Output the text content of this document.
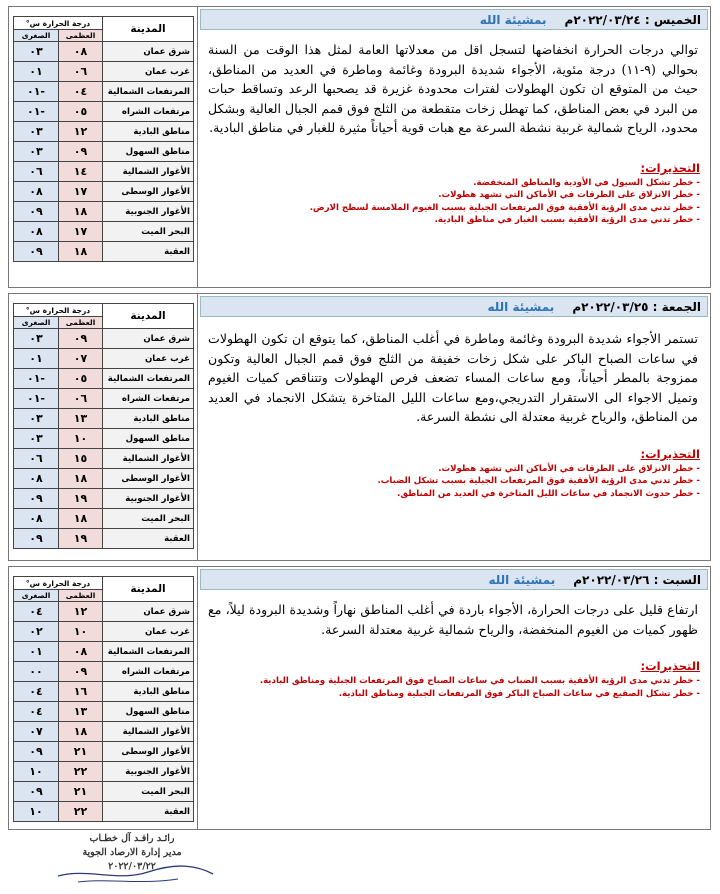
الخميس : ٢٠٢٢/٠٣/٢٤م
بمشيئة الله
توالي درجات الحرارة انخفاضها لتسجل اقل من معدلاتها العامة لمثل هذا الوقت من السنة بحوالي (٩-١١) درجة مئوية، الأجواء شديدة البرودة وغائمة وماطرة في العديد من المناطق، حيث من المتوقع ان تكون الهطولات لفترات محدودة غزيرة قد يصحبها الرعد وتساقط حبات من البرد في بعض المناطق، كما تهطل زخات متقطعة من الثلج فوق قمم الجبال العالية وبشكل محدود، الرياح شمالية غربية نشطة السرعة مع هبات قوية أحياناً مثيرة للغبار في مناطق البادية.
التحذيرات:
- خطر تشكل السيول في الأودية والمناطق المنخفضة.
- خطر الانزلاق على الطرقات في الأماكن التي تشهد هطولات.
- خطر تدني مدى الرؤية الأفقية فوق المرتفعات الجبلية بسبب الغيوم الملامسة لسطح الارض.
- خطر تدني مدى الرؤية الأفقية بسبب الغبار في مناطق البادية.
المدينة	درجة الحرارة س°	
	العظمى	الصغرى
شرق عمان	٠٨	٠٣
غرب عمان	٠٦	٠١
المرتفعات الشمالية	٠٤	-٠١
مرتفعات الشراه	٠٥	-٠١
مناطق البادية	١٢	٠٣
مناطق السهول	٠٩	٠٣
الأغوار الشمالية	١٤	٠٦
الأغوار الوسطى	١٧	٠٨
الأغوار الجنوبية	١٨	٠٩
البحر الميت	١٧	٠٨
العقبة	١٨	٠٩
الجمعة : ٢٠٢٢/٠٣/٢٥م
بمشيئة الله
تستمر الأجواء شديدة البرودة وغائمة وماطرة في أغلب المناطق، كما يتوقع ان تكون الهطولات في ساعات الصباح الباكر على شكل زخات خفيفة من الثلج فوق قمم الجبال العالية وتكون ممزوجة بالمطر أحياناً، ومع ساعات المساء تضعف فرص الهطولات وتتناقص كميات الغيوم وتميل الاجواء الى الاستقرار التدريجي،ومع ساعات الليل المتاخرة يتشكل الانجماد في العديد من المناطق، والرياح غربية معتدلة الى نشطة السرعة.
التحذيرات:
- خطر الانزلاق على الطرقات في الأماكن التي تشهد هطولات.
- خطر تدني مدى الرؤية الأفقية فوق المرتفعات الجبلية بسبب تشكل الضباب.
- خطر حدوث الانجماد في ساعات الليل المتاخرة في العديد من المناطق.
المدينة	درجة الحرارة س°	
	العظمى	الصغرى
شرق عمان	٠٩	٠٣
غرب عمان	٠٧	٠١
المرتفعات الشمالية	٠٥	-٠١
مرتفعات الشراه	٠٦	-٠١
مناطق البادية	١٣	٠٣
مناطق السهول	١٠	٠٣
الأغوار الشمالية	١٥	٠٦
الأغوار الوسطى	١٨	٠٨
الأغوار الجنوبية	١٩	٠٩
البحر الميت	١٨	٠٨
العقبة	١٩	٠٩
السبت : ٢٠٢٢/٠٣/٢٦م
بمشيئة الله
ارتفاع قليل على درجات الحرارة، الأجواء باردة في أغلب المناطق نهاراً وشديدة البرودة ليلاً، مع ظهور كميات من الغيوم المنخفضة، والرياح شمالية غربية معتدلة السرعة.
التحذيرات:
- خطر تدني مدى الرؤية الأفقية بسبب الضباب في ساعات الصباح فوق المرتفعات الجبلية ومناطق البادية.
- خطر تشكل الصقيع في ساعات الصباح الباكر فوق المرتفعات الجبلية ومناطق البادية.
المدينة	درجة الحرارة س°	
	العظمى	الصغرى
شرق عمان	١٢	٠٤
غرب عمان	١٠	٠٢
المرتفعات الشمالية	٠٨	٠١
مرتفعات الشراه	٠٩	٠٠
مناطق البادية	١٦	٠٤
مناطق السهول	١٣	٠٤
الأغوار الشمالية	١٨	٠٧
الأغوار الوسطى	٢١	٠٩
الأغوار الجنوبية	٢٢	١٠
البحر الميت	٢١	٠٩
العقبة	٢٢	١٠
رائـد رافـد آل خطـاب
مدير إدارة الارصاد الجوية
٢٠٢٢/٠٣/٢٢
